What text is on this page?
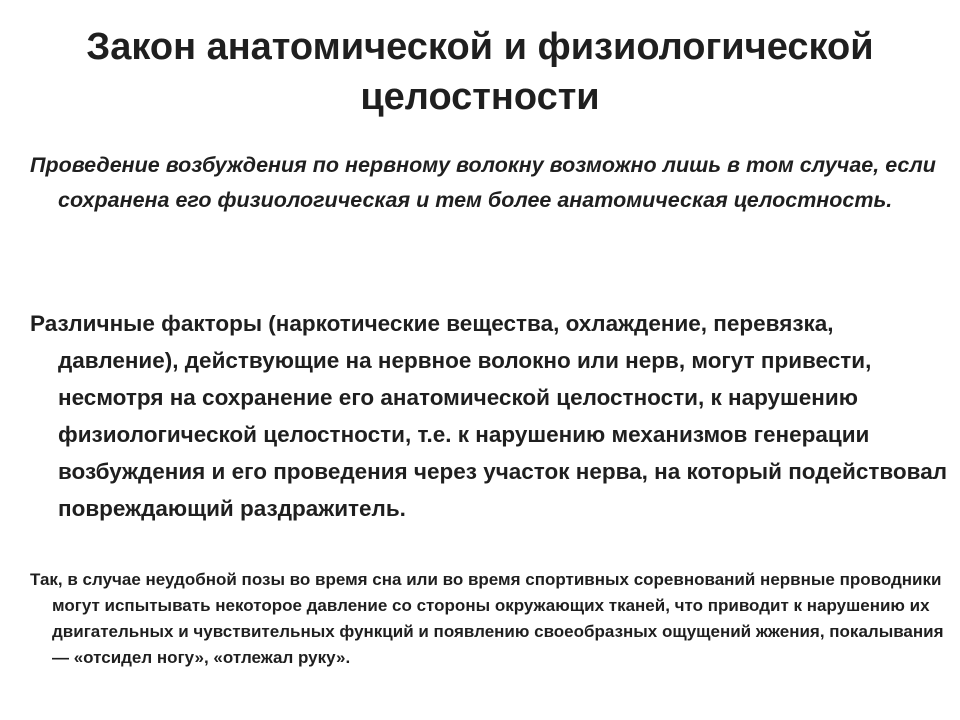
Закон анатомической и физиологической целостности

Проведение возбуждения по нервному волокну возможно лишь в том случае, если сохранена его физиологическая и тем более анатомическая целостность.

Различные факторы (наркотические вещества, охлаждение, перевязка, давление), действующие на нервное волокно или нерв, могут привести, несмотря на сохранение его анатомической целостности, к нарушению физиологической целостности, т.е. к нарушению механизмов генерации возбуждения и его проведения через участок нерва, на который подействовал повреждающий раздражитель.

Так, в случае неудобной позы во время сна или во время спортивных соревнований нервные проводники могут испытывать некоторое давление со стороны окружающих тканей, что приводит к нарушению их двигательных и чувствительных функций и появлению своеобразных ощущений жжения, покалывания — «отсидел ногу», «отлежал руку».
